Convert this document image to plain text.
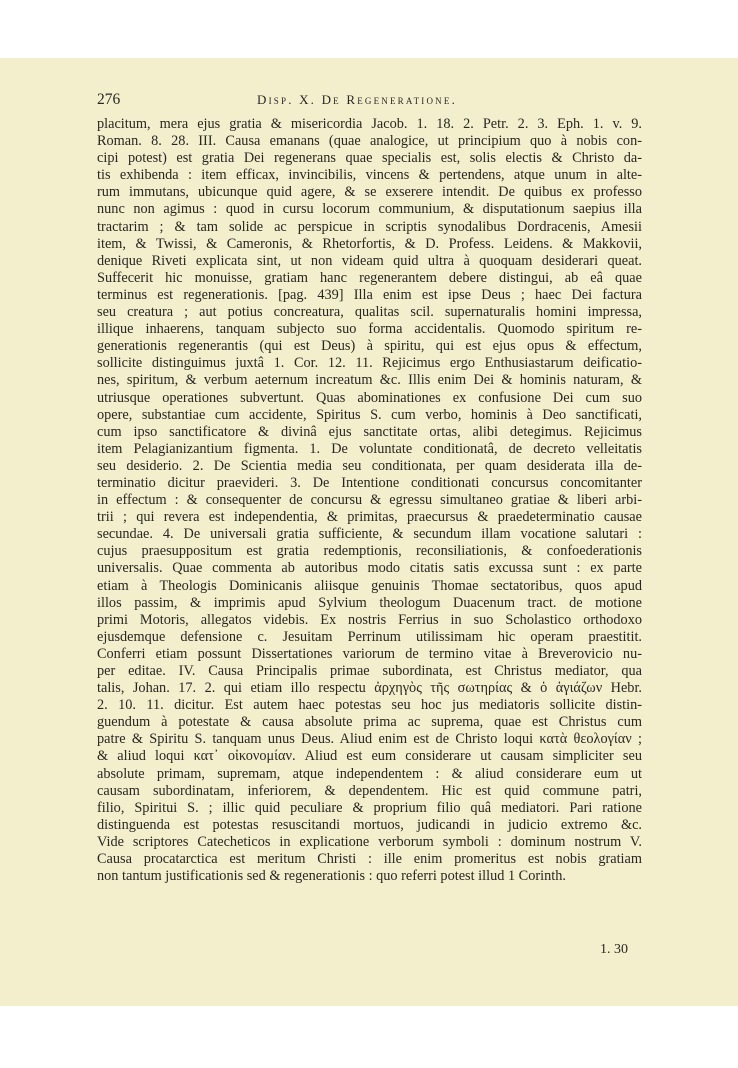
276	Disp. X. De Regeneratione.
placitum, mera ejus gratia & misericordia Jacob. 1. 18. 2. Petr. 2. 3. Eph. 1. v. 9.
Roman. 8. 28. III. Causa emanans (quae analogice, ut principium quo à nobis con-
cipi potest) est gratia Dei regenerans quae specialis est, solis electis & Christo da-
tis exhibenda : item efficax, invincibilis, vincens & pertendens, atque unum in alte-
rum immutans, ubicunque quid agere, & se exserere intendit. De quibus ex professo
nunc non agimus : quod in cursu locorum communium, & disputationum saepius illa
tractarim ; & tam solide ac perspicue in scriptis synodalibus Dordracenis, Amesii
item, & Twissi, & Cameronis, & Rhetorfortis, & D. Profess. Leidens. & Makkovii,
denique Riveti explicata sint, ut non videam quid ultra à quoquam desiderari queat.
Suffecerit hic monuisse, gratiam hanc regenerantem debere distingui, ab eâ quae
terminus est regenerationis. [pag. 439] Illa enim est ipse Deus ; haec Dei factura
seu creatura ; aut potius concreatura, qualitas scil. supernaturalis homini impressa,
illique inhaerens, tanquam subjecto suo forma accidentalis. Quomodo spiritum re-
generationis regenerantis (qui est Deus) à spiritu, qui est ejus opus & effectum,
sollicite distinguimus juxtâ 1. Cor. 12. 11. Rejicimus ergo Enthusiastarum deificatio-
nes, spiritum, & verbum aeternum increatum &c. Illis enim Dei & hominis naturam, &
utriusque operationes subvertunt. Quas abominationes ex confusione Dei cum suo
opere, substantiae cum accidente, Spiritus S. cum verbo, hominis à Deo sanctificati,
cum ipso sanctificatore & divinâ ejus sanctitate ortas, alibi detegimus. Rejicimus
item Pelagianizantium figmenta. 1. De voluntate conditionatâ, de decreto velleitatis
seu desiderio. 2. De Scientia media seu conditionata, per quam desiderata illa de-
terminatio dicitur praevideri. 3. De Intentione conditionati concursus concomitanter
in effectum : & consequenter de concursu & egressu simultaneo gratiae & liberi arbi-
trii ; qui revera est independentia, & primitas, praecursus & praedeterminatio causae
secundae. 4. De universali gratia sufficiente, & secundum illam vocatione salutari :
cujus praesuppositum est gratia redemptionis, reconsiliationis, & confoederationis
universalis. Quae commenta ab autoribus modo citatis satis excussa sunt : ex parte
etiam à Theologis Dominicanis aliisque genuinis Thomae sectatoribus, quos apud
illos passim, & imprimis apud Sylvium theologum Duacenum tract. de motione
primi Motoris, allegatos videbis. Ex nostris Ferrius in suo Scholastico orthodoxo
ejusdemque defensione c. Jesuitam Perrinum utilissimam hic operam praestitit.
Conferri etiam possunt Dissertationes variorum de termino vitae à Breverovicio nu-
per editae. IV. Causa Principalis primae subordinata, est Christus mediator, qua
talis, Johan. 17. 2. qui etiam illo respectu ἀρχηγὸς τῆς σωτηρίας & ὁ ἁγιάζων Hebr.
2. 10. 11. dicitur. Est autem haec potestas seu hoc jus mediatoris sollicite distin-
guendum à potestate & causa absolute prima ac suprema, quae est Christus cum
patre & Spiritu S. tanquam unus Deus. Aliud enim est de Christo loqui κατὰ θεολογίαν ;
& aliud loqui κατ᾽ οἰκονομίαν. Aliud est eum considerare ut causam simpliciter seu
absolute primam, supremam, atque independentem : & aliud considerare eum ut
causam subordinatam, inferiorem, & dependentem. Hic est quid commune patri,
filio, Spiritui S. ; illic quid peculiare & proprium filio quâ mediatori. Pari ratione
distinguenda est potestas resuscitandi mortuos, judicandi in judicio extremo &c.
Vide scriptores Catecheticos in explicatione verborum symboli : dominum nostrum V.
Causa procatarctica est meritum Christi : ille enim promeritus est nobis gratiam
non tantum justificationis sed & regenerationis : quo referri potest illud 1 Corinth.
1. 30
